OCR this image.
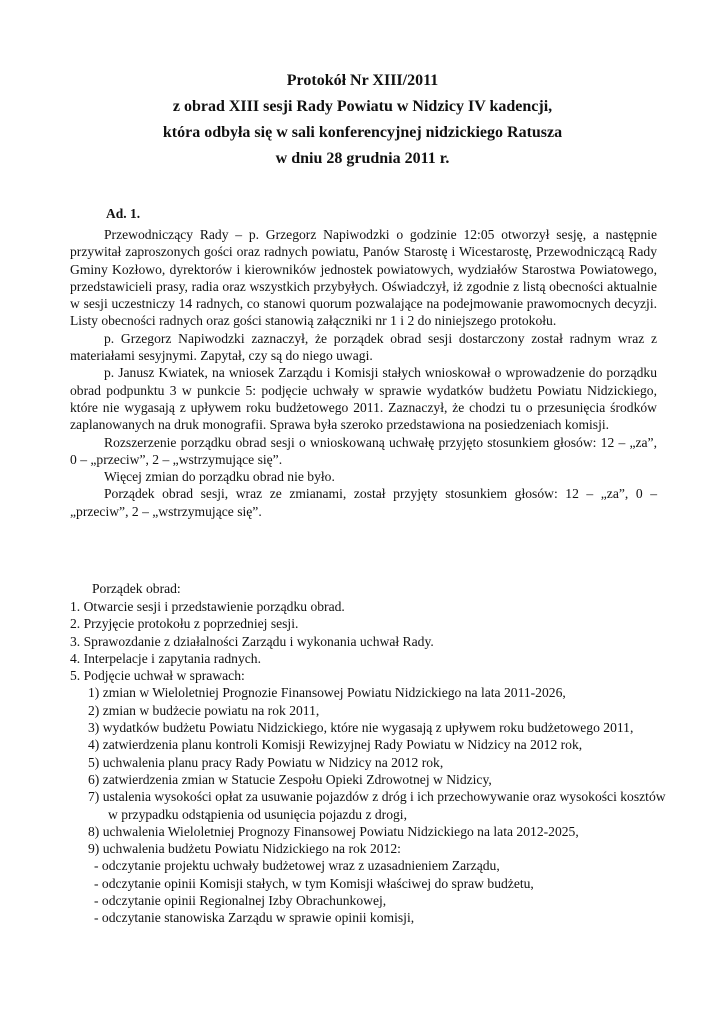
Protokół Nr XIII/2011
z obrad XIII sesji Rady Powiatu w Nidzicy IV kadencji,
która odbyła się w sali konferencyjnej nidzickiego Ratusza
w dniu 28 grudnia 2011 r.
Ad. 1.

Przewodniczący Rady – p. Grzegorz Napiwodzki o godzinie 12:05 otworzył sesję, a następnie przywitał zaproszonych gości oraz radnych powiatu, Panów Starostę i Wicestarostę, Przewodniczącą Rady Gminy Kozłowo, dyrektorów i kierowników jednostek powiatowych, wydziałów Starostwa Powiatowego, przedstawicieli prasy, radia oraz wszystkich przybyłych. Oświadczył, iż zgodnie z listą obecności aktualnie w sesji uczestniczy 14 radnych, co stanowi quorum pozwalające na podejmowanie prawomocnych decyzji. Listy obecności radnych oraz gości stanowią załączniki nr 1 i 2 do niniejszego protokołu.

p. Grzegorz Napiwodzki zaznaczył, że porządek obrad sesji dostarczony został radnym wraz z materiałami sesyjnymi. Zapytał, czy są do niego uwagi.

p. Janusz Kwiatek, na wniosek Zarządu i Komisji stałych wnioskował o wprowadzenie do porządku obrad podpunktu 3 w punkcie 5: podjęcie uchwały w sprawie wydatków budżetu Powiatu Nidzickiego, które nie wygasają z upływem roku budżetowego 2011. Zaznaczył, że chodzi tu o przesunięcia środków zaplanowanych na druk monografii. Sprawa była szeroko przedstawiona na posiedzeniach komisji.

Rozszerzenie porządku obrad sesji o wnioskowaną uchwałę przyjęto stosunkiem głosów: 12 – „za”, 0 – „przeciw”, 2 – „wstrzymujące się”.

Więcej zmian do porządku obrad nie było.

Porządek obrad sesji, wraz ze zmianami, został przyjęty stosunkiem głosów: 12 – „za”, 0 – „przeciw”, 2 – „wstrzymujące się”.

Porządek obrad:
1. Otwarcie sesji i przedstawienie porządku obrad.
2. Przyjęcie protokołu z poprzedniej sesji.
3. Sprawozdanie z działalności Zarządu i wykonania uchwał Rady.
4. Interpelacje i zapytania radnych.
5. Podjęcie uchwał w sprawach:
1) zmian w Wieloletniej Prognozie Finansowej Powiatu Nidzickiego na lata 2011-2026,
2) zmian w budżecie powiatu na rok 2011,
3) wydatków budżetu Powiatu Nidzickiego, które nie wygasają z upływem roku budżetowego 2011,
4) zatwierdzenia planu kontroli Komisji Rewizyjnej Rady Powiatu w Nidzicy na 2012 rok,
5) uchwalenia planu pracy Rady Powiatu w Nidzicy na 2012 rok,
6) zatwierdzenia zmian w Statucie Zespołu Opieki Zdrowotnej w Nidzicy,
7) ustalenia wysokości opłat za usuwanie pojazdów z dróg i ich przechowywanie oraz wysokości kosztów w przypadku odstąpienia od usunięcia pojazdu z drogi,
8) uchwalenia Wieloletniej Prognozy Finansowej Powiatu Nidzickiego na lata 2012-2025,
9) uchwalenia budżetu Powiatu Nidzickiego na rok 2012:
- odczytanie projektu uchwały budżetowej wraz z uzasadnieniem Zarządu,
- odczytanie opinii Komisji stałych, w tym Komisji właściwej do spraw budżetu,
- odczytanie opinii Regionalnej Izby Obrachunkowej,
- odczytanie stanowiska Zarządu w sprawie opinii komisji,
